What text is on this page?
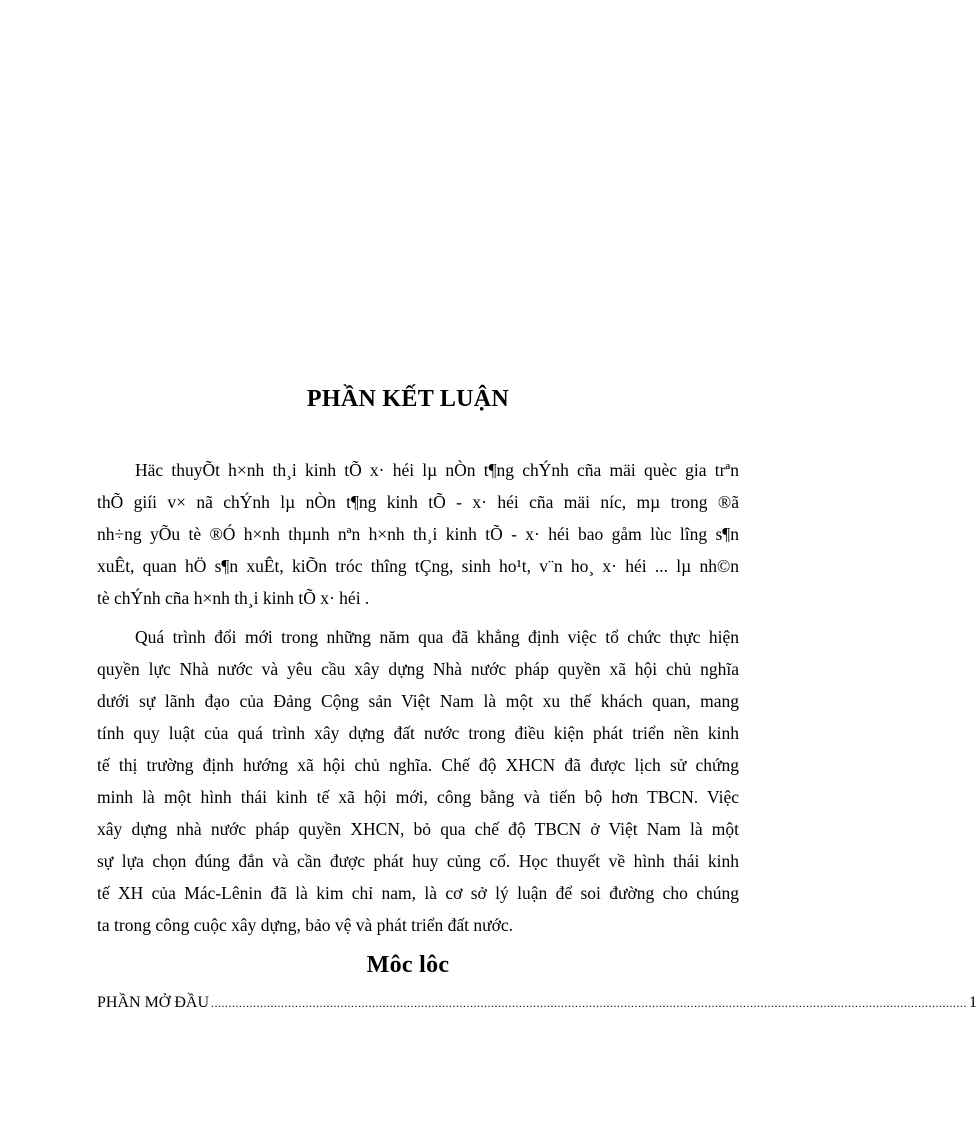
PHẦN KẾT LUẬN
Häc thuyÕt h×nh th¸i kinh tÕ x· héi lµ nÒn t¶ng chÝnh cña mäi quèc gia trªn
thÕ giíi v× nã chÝnh lµ nÒn t¶ng kinh tÕ - x· héi cña mäi níc, mµ trong ®ã
nh÷ng yÕu tè ®Ó h×nh thµnh nªn h×nh th¸i kinh tÕ - x· héi bao gåm lùc lîng s¶n
xuÊt, quan hÖ s¶n xuÊt, kiÕn tróc thîng tÇng, sinh ho¹t, v¨n ho¸ x· héi ... lµ nh©n
tè chÝnh cña h×nh th¸i kinh tÕ x· héi .
Quá trình đổi mới trong những năm qua đã khẳng định việc tổ chức thực hiện
quyền lực Nhà nước và yêu cầu xây dựng Nhà nước pháp quyền xã hội chủ nghĩa
dưới sự lãnh đạo của Đảng Cộng sản Việt Nam là một xu thế khách quan, mang
tính quy luật của quá trình xây dựng đất nước trong điều kiện phát triển nền kinh
tế thị trường định hướng xã hội chủ nghĩa. Chế độ XHCN đã được lịch sử chứng
minh là một hình thái kinh tế xã hội mới, công bằng và tiến bộ hơn TBCN. Việc
xây dựng nhà nước pháp quyền XHCN, bỏ qua chế độ TBCN ở Việt Nam là một
sự lựa chọn đúng đắn và cần được phát huy củng cố. Học thuyết về hình thái kinh
tế XH của Mác-Lênin đã là kim chỉ nam, là cơ sở lý luận để soi đường cho chúng
ta trong công cuộc xây dựng, bảo vệ và phát triển đất nước.
Môc lôc
PHẦN MỞ ĐẦU ........................................................................................................................................................................................................................ 1
